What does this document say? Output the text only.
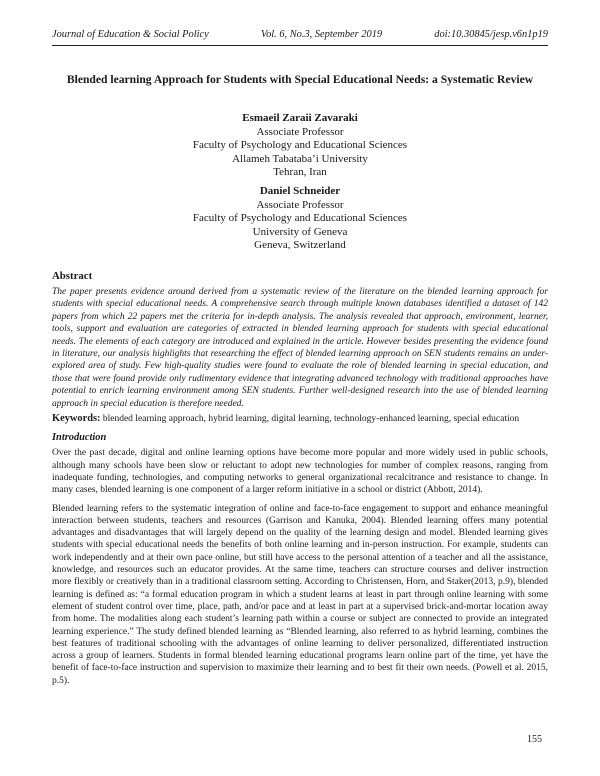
Journal of Education & Social Policy	Vol. 6, No.3, September 2019	doi:10.30845/jesp.v6n1p19
Blended learning Approach for Students with Special Educational Needs: a Systematic Review
Esmaeil Zaraii Zavaraki
Associate Professor
Faculty of Psychology and Educational Sciences
Allameh Tabataba’i University
Tehran, Iran
Daniel Schneider
Associate Professor
Faculty of Psychology and Educational Sciences
University of Geneva
Geneva, Switzerland
Abstract

The paper presents evidence around derived from a systematic review of the literature on the blended learning approach for students with special educational needs. A comprehensive search through multiple known databases identified a dataset of 142 papers from which 22 papers met the criteria for in-depth analysis. The analysis revealed that approach, environment, learner, tools, support and evaluation are categories of extracted in blended learning approach for students with special educational needs. The elements of each category are introduced and explained in the article. However besides presenting the evidence found in literature, our analysis highlights that researching the effect of blended learning approach on SEN students remains an under-explored area of study. Few high-quality studies were found to evaluate the role of blended learning in special education, and those that were found provide only rudimentary evidence that integrating advanced technology with traditional approaches have potential to enrich learning environment among SEN students. Further well-designed research into the use of blended learning approach in special education is therefore needed.

Keywords: blended learning approach, hybrid learning, digital learning, technology-enhanced learning, special education
Introduction

Over the past decade, digital and online learning options have become more popular and more widely used in public schools, although many schools have been slow or reluctant to adopt new technologies for number of complex reasons, ranging from inadequate funding, technologies, and computing networks to general organizational recalcitrance and resistance to change. In many cases, blended learning is one component of a larger reform initiative in a school or district (Abbott, 2014).

Blended learning refers to the systematic integration of online and face-to-face engagement to support and enhance meaningful interaction between students, teachers and resources (Garrison and Kanuka, 2004). Blended learning offers many potential advantages and disadvantages that will largely depend on the quality of the learning design and model. Blended learning gives students with special educational needs the benefits of both online learning and in-person instruction. For example, students can work independently and at their own pace online, but still have access to the personal attention of a teacher and all the assistance, knowledge, and resources such an educator provides. At the same time, teachers can structure courses and deliver instruction more flexibly or creatively than in a traditional classroom setting. According to Christensen, Horn, and Staker(2013, p.9), blended learning is defined as: “a formal education program in which a student learns at least in part through online learning with some element of student control over time, place, path, and/or pace and at least in part at a supervised brick-and-mortar location away from home. The modalities along each student’s learning path within a course or subject are connected to provide an integrated learning experience.” The study defined blended learning as “Blended learning, also referred to as hybrid learning, combines the best features of traditional schooling with the advantages of online learning to deliver personalized, differentiated instruction across a group of learners. Students in formal blended learning educational programs learn online part of the time, yet have the benefit of face-to-face instruction and supervision to maximize their learning and to best fit their own needs. (Powell et al. 2015, p.5).

155
